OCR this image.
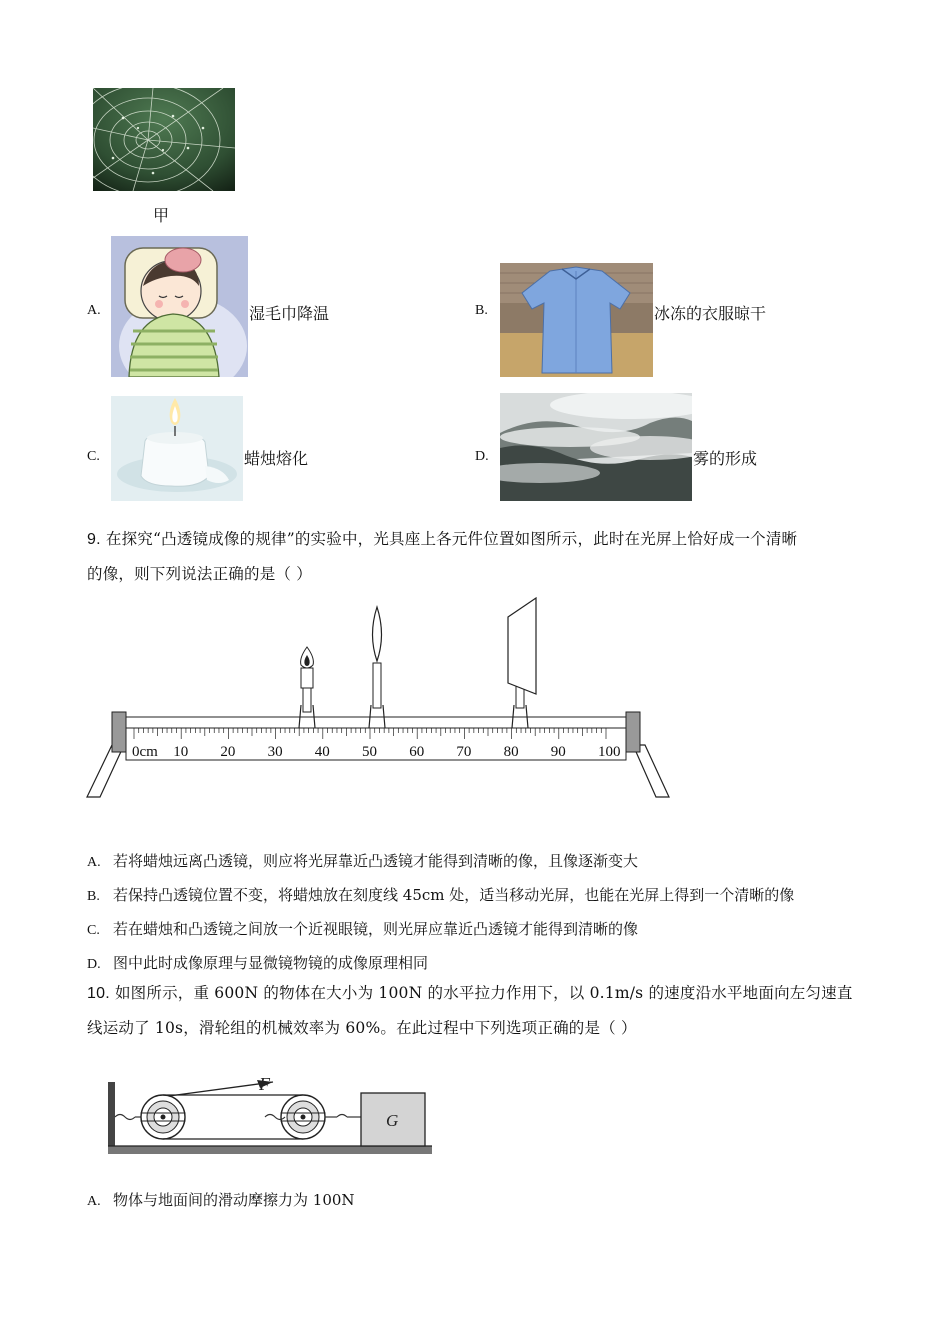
甲
A.	湿毛巾降温	B.	冰冻的衣服晾干
C.	蜡烛熔化	D.	雾的形成
9. 在探究“凸透镜成像的规律”的实验中，光具座上各元件位置如图所示，此时在光屏上恰好成一个清晰
的像，则下列说法正确的是（ ）
0cm 10 20 30 40 50 60 70 80 90 100
A. 若将蜡烛远离凸透镜，则应将光屏靠近凸透镜才能得到清晰的像，且像逐渐变大
B. 若保持凸透镜位置不变，将蜡烛放在刻度线 45cm 处，适当移动光屏，也能在光屏上得到一个清晰的像
C. 若在蜡烛和凸透镜之间放一个近视眼镜，则光屏应靠近凸透镜才能得到清晰的像
D. 图中此时成像原理与显微镜物镜的成像原理相同
10. 如图所示，重 600N 的物体在大小为 100N 的水平拉力作用下，以 0.1m/s 的速度沿水平地面向左匀速直
线运动了 10s，滑轮组的机械效率为 60%。在此过程中下列选项正确的是（ ）
F
G
A. 物体与地面间的滑动摩擦力为 100N
